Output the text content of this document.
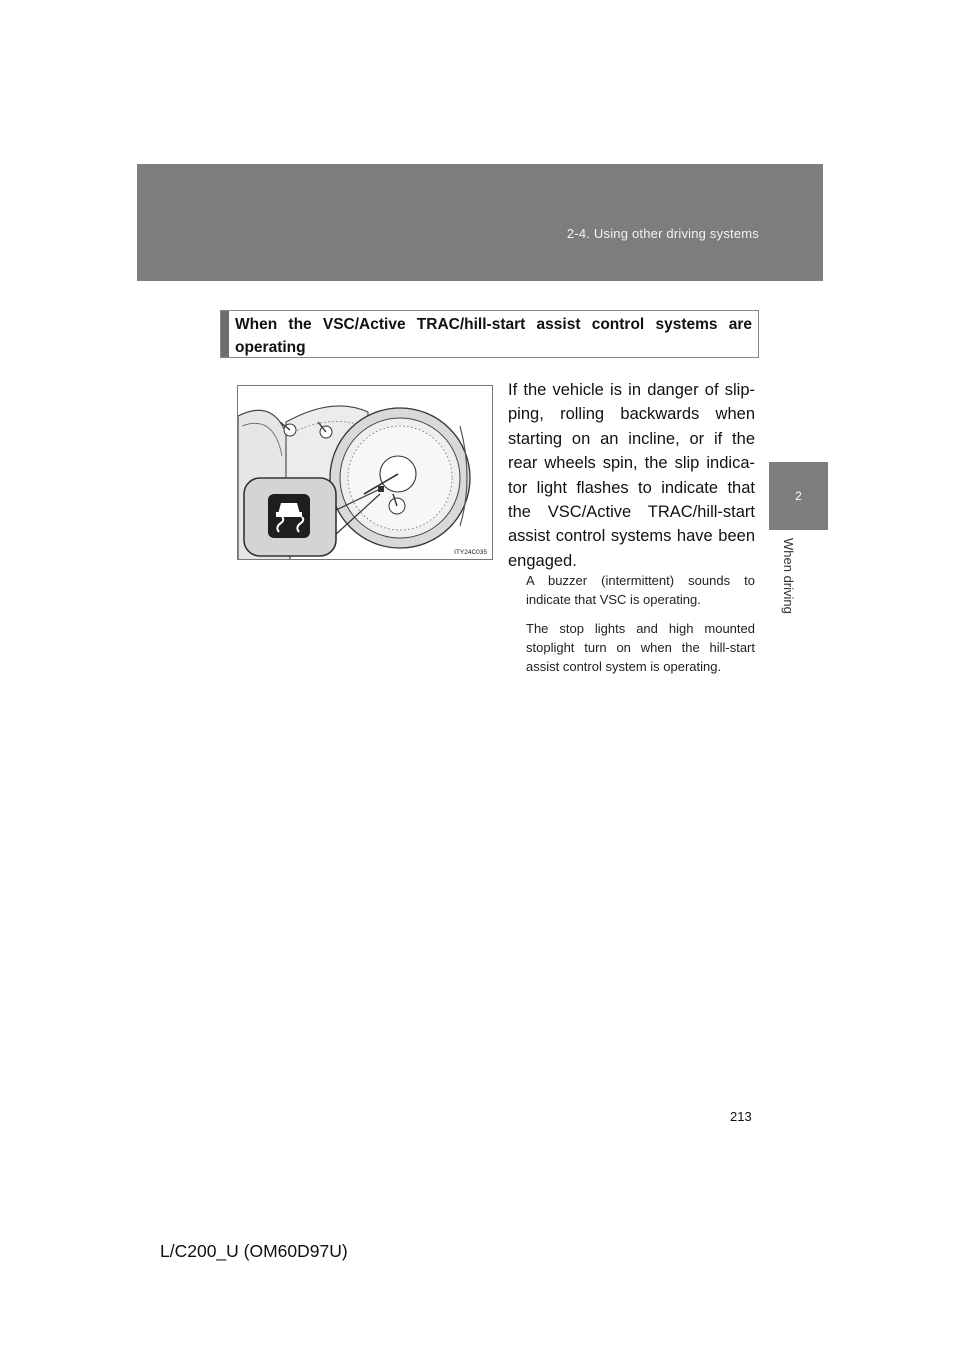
2-4. Using other driving systems
2
When driving
When the VSC/Active TRAC/hill-start assist control systems are operating
ITY24C035
If the vehicle is in danger of slip-ping, rolling backwards when starting on an incline, or if the rear wheels spin, the slip indica-tor light flashes to indicate that the VSC/Active TRAC/hill-start assist control systems have been engaged.
A buzzer (intermittent) sounds to indicate that VSC is operating.
The stop lights and high mounted stoplight turn on when the hill-start assist control system is operating.
213
L/C200_U (OM60D97U)
